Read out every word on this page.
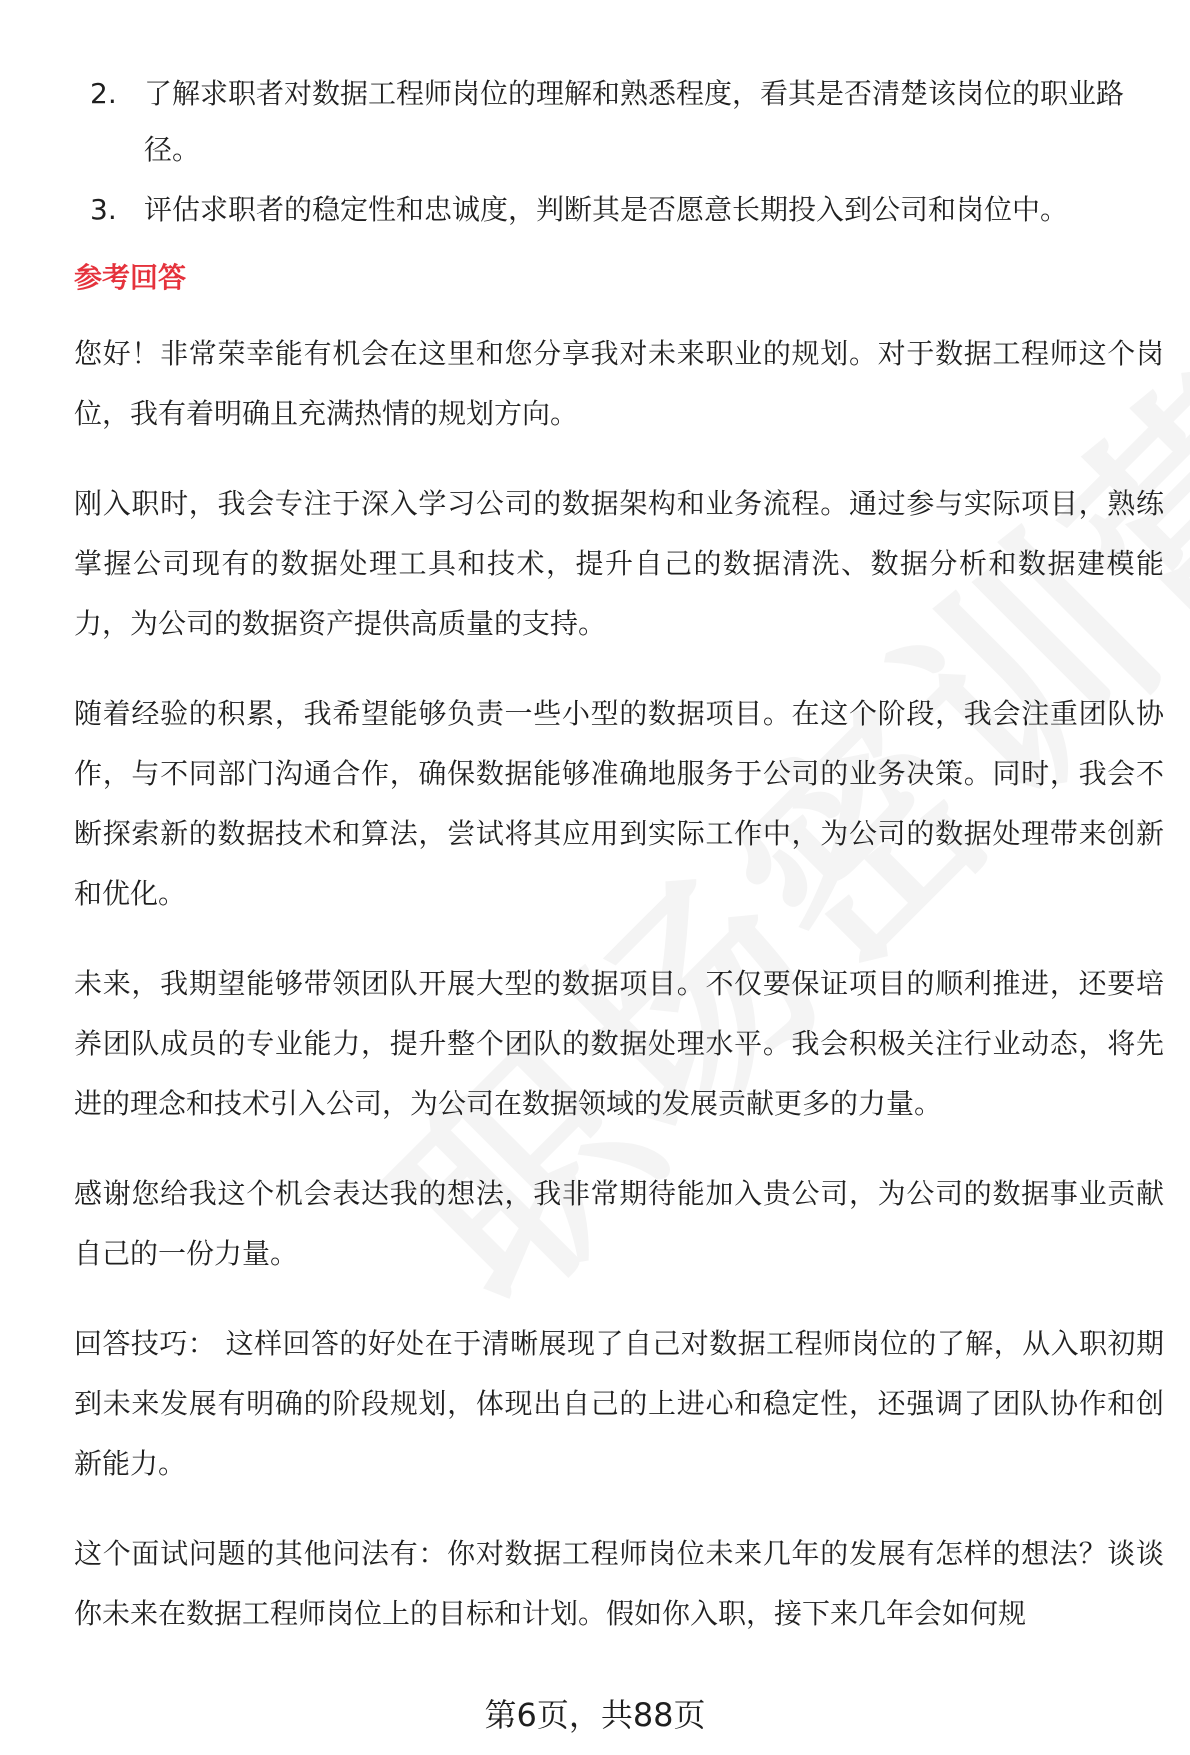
2. 了解求职者对数据工程师岗位的理解和熟悉程度，看其是否清楚该岗位的职业路径。
3. 评估求职者的稳定性和忠诚度，判断其是否愿意长期投入到公司和岗位中。
参考回答

您好！非常荣幸能有机会在这里和您分享我对未来职业的规划。对于数据工程师这个岗位，我有着明确且充满热情的规划方向。

刚入职时，我会专注于深入学习公司的数据架构和业务流程。通过参与实际项目，熟练掌握公司现有的数据处理工具和技术，提升自己的数据清洗、数据分析和数据建模能力，为公司的数据资产提供高质量的支持。

随着经验的积累，我希望能够负责一些小型的数据项目。在这个阶段，我会注重团队协作，与不同部门沟通合作，确保数据能够准确地服务于公司的业务决策。同时，我会不断探索新的数据技术和算法，尝试将其应用到实际工作中，为公司的数据处理带来创新和优化。

未来，我期望能够带领团队开展大型的数据项目。不仅要保证项目的顺利推进，还要培养团队成员的专业能力，提升整个团队的数据处理水平。我会积极关注行业动态，将先进的理念和技术引入公司，为公司在数据领域的发展贡献更多的力量。

感谢您给我这个机会表达我的想法，我非常期待能加入贵公司，为公司的数据事业贡献自己的一份力量。

回答技巧： 这样回答的好处在于清晰展现了自己对数据工程师岗位的了解，从入职初期到未来发展有明确的阶段规划，体现出自己的上进心和稳定性，还强调了团队协作和创新能力。

这个面试问题的其他问法有：你对数据工程师岗位未来几年的发展有怎样的想法？谈谈你未来在数据工程师岗位上的目标和计划。假如你入职，接下来几年会如何规

第6页，共88页
